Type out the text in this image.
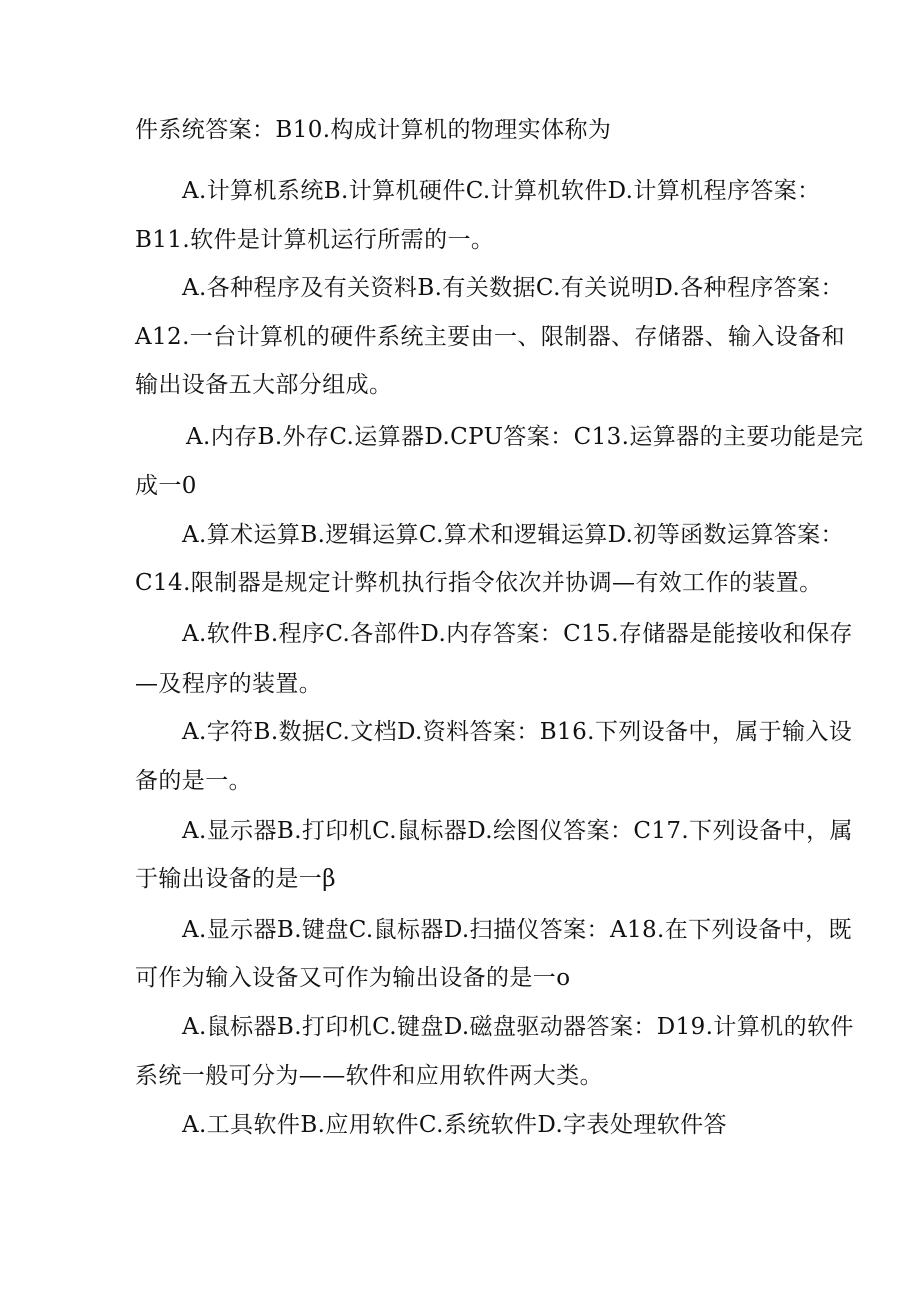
件系统答案：B10.构成计算机的物理实体称为
A.计算机系统B.计算机硬件C.计算机软件D.计算机程序答案：
B11.软件是计算机运行所需的一。
A.各种程序及有关资料B.有关数据C.有关说明D.各种程序答案：
A12.一台计算机的硬件系统主要由一、限制器、存储器、输入设备和
输出设备五大部分组成。
A.内存B.外存C.运算器D.CPU答案：C13.运算器的主要功能是完
成一0
A.算术运算B.逻辑运算C.算术和逻辑运算D.初等函数运算答案：
C14.限制器是规定计弊机执行指令依次并协调—有效工作的装置。
A.软件B.程序C.各部件D.内存答案：C15.存储器是能接收和保存
—及程序的装置。
A.字符B.数据C.文档D.资料答案：B16.下列设备中，属于输入设
备的是一。
A.显示器B.打印机C.鼠标器D.绘图仪答案：C17.下列设备中，属
于输出设备的是一β
A.显示器B.键盘C.鼠标器D.扫描仪答案：A18.在下列设备中，既
可作为输入设备又可作为输出设备的是一o
A.鼠标器B.打印机C.键盘D.磁盘驱动器答案：D19.计算机的软件
系统一般可分为——软件和应用软件两大类。
A.工具软件B.应用软件C.系统软件D.字表处理软件答
